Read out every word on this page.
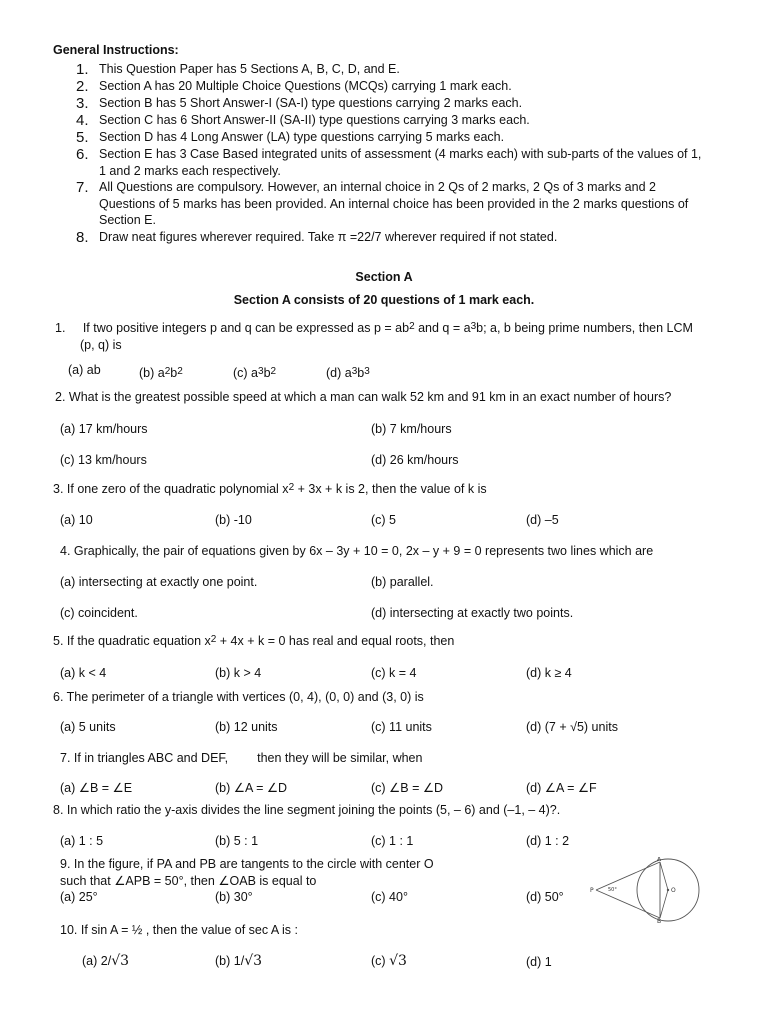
General Instructions:
1. This Question Paper has 5 Sections A, B, C, D, and E.
2. Section A has 20 Multiple Choice Questions (MCQs) carrying 1 mark each.
3. Section B has 5 Short Answer-I (SA-I) type questions carrying 2 marks each.
4. Section C has 6 Short Answer-II (SA-II) type questions carrying 3 marks each.
5. Section D has 4 Long Answer (LA) type questions carrying 5 marks each.
6. Section E has 3 Case Based integrated units of assessment (4 marks each) with sub-parts of the values of 1, 1 and 2 marks each respectively.
7. All Questions are compulsory. However, an internal choice in 2 Qs of 2 marks, 2 Qs of 3 marks and 2 Questions of 5 marks has been provided. An internal choice has been provided in the 2 marks questions of Section E.
8. Draw neat figures wherever required. Take π =22/7 wherever required if not stated.
Section A
Section A consists of 20 questions of 1 mark each.
1. If two positive integers p and q can be expressed as $p = ab^2$ and $q = a^3b$; a, b being prime numbers, then LCM
(p, q) is
(a) ab	(b) $a^2b^2$	(c) $a^3b^2$	(d) $a^3b^3$
2. What is the greatest possible speed at which a man can walk 52 km and 91 km in an exact number of hours?
(a) 17 km/hours	(b) 7 km/hours
(c) 13 km/hours	(d) 26 km/hours
3. If one zero of the quadratic polynomial $x^2 + 3x + k$ is 2, then the value of k is
(a) 10	(b) -10	(c) 5	(d) –5
4. Graphically, the pair of equations given by 6x – 3y + 10 = 0, 2x – y + 9 = 0 represents two lines which are
(a) intersecting at exactly one point.	(b) parallel.
(c) coincident.	(d) intersecting at exactly two points.
5. If the quadratic equation $x^2 + 4x + k = 0$ has real and equal roots, then
(a) k < 4	(b) k > 4	(c) k = 4	(d) k ≥ 4
6. The perimeter of a triangle with vertices (0, 4), (0, 0) and (3, 0) is
(a) 5 units	(b) 12 units	(c) 11 units	(d) (7 + √5) units
7. If in triangles ABC and DEF, then they will be similar, when
(a) ∠B = ∠E	(b) ∠A = ∠D	(c) ∠B = ∠D	(d) ∠A = ∠F
8. In which ratio the y-axis divides the line segment joining the points (5, – 6) and (–1, – 4)?.
(a) 1 : 5	(b) 5 : 1	(c) 1 : 1	(d) 1 : 2
9. In the figure, if PA and PB are tangents to the circle with center O
such that ∠APB = 50°, then ∠OAB is equal to
(a) 25°	(b) 30°	(c) 40°	(d) 50°
A
B
P	O
50°
10. If sin A = ½ , then the value of sec A is :
(a) 2/√3	(b) 1/√3	(c) √3	(d) 1
